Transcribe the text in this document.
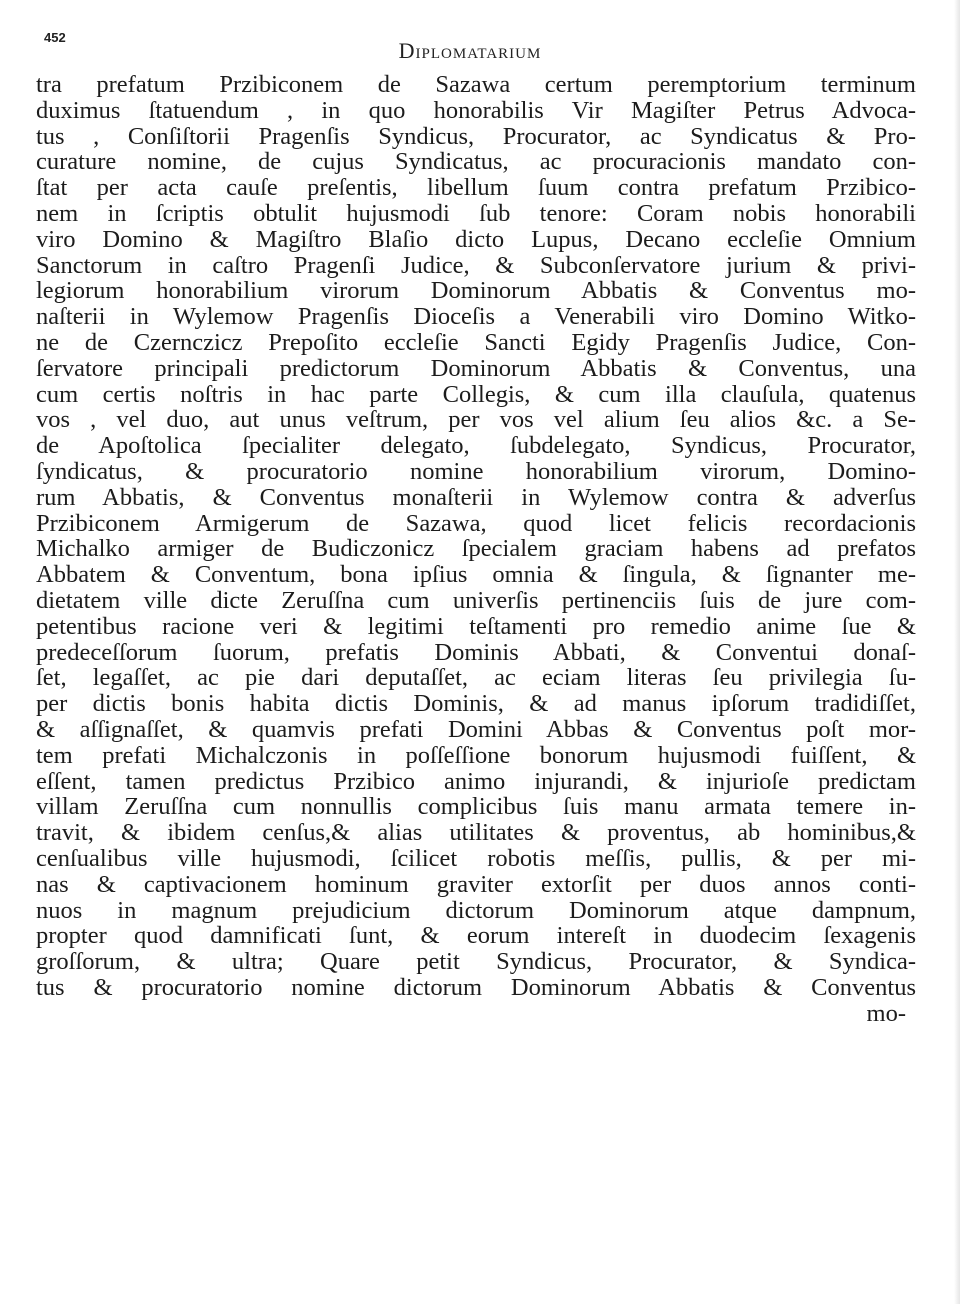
452
Diplomatarium
tra prefatum Przibiconem de Sazawa certum peremptorium terminum
duximus ſtatuendum , in quo honorabilis Vir Magiſter Petrus Advoca-
tus , Conſiſtorii Pragenſis Syndicus, Procurator, ac Syndicatus & Pro-
curature nomine, de cujus Syndicatus, ac procuracionis mandato con-
ſtat per acta cauſe preſentis, libellum ſuum contra prefatum Przibico-
nem in ſcriptis obtulit hujusmodi ſub tenore: Coram nobis honorabili
viro Domino & Magiſtro Blaſio dicto Lupus, Decano eccleſie Omnium
Sanctorum in caſtro Pragenſi Judice, & Subconſervatore jurium & privi-
legiorum honorabilium virorum Dominorum Abbatis & Conventus mo-
naſterii in Wylemow Pragenſis Dioceſis a Venerabili viro Domino Witko-
ne de Czernczicz Prepoſito eccleſie Sancti Egidy Pragenſis Judice, Con-
ſervatore principali predictorum Dominorum Abbatis & Conventus, una
cum certis noſtris in hac parte Collegis, & cum illa clauſula, quatenus
vos , vel duo, aut unus veſtrum, per vos vel alium ſeu alios &c. a Se-
de Apoſtolica ſpecialiter delegato, ſubdelegato, Syndicus, Procurator,
ſyndicatus, & procuratorio nomine honorabilium virorum, Domino-
rum Abbatis, & Conventus monaſterii in Wylemow contra & adverſus
Przibiconem Armigerum de Sazawa, quod licet felicis recordacionis
Michalko armiger de Budiczonicz ſpecialem graciam habens ad prefatos
Abbatem & Conventum, bona ipſius omnia & ſingula, & ſignanter me-
dietatem ville dicte Zeruſſna cum univerſis pertinenciis ſuis de jure com-
petentibus racione veri & legitimi teſtamenti pro remedio anime ſue &
predeceſſorum ſuorum, prefatis Dominis Abbati, & Conventui donaſ-
ſet, legaſſet, ac pie dari deputaſſet, ac eciam literas ſeu privilegia ſu-
per dictis bonis habita dictis Dominis, & ad manus ipſorum tradidiſſet,
& aſſignaſſet, & quamvis prefati Domini Abbas & Conventus poſt mor-
tem prefati Michalczonis in poſſeſſione bonorum hujusmodi fuiſſent, &
eſſent, tamen predictus Przibico animo injurandi, & injurioſe predictam
villam Zeruſſna cum nonnullis complicibus ſuis manu armata temere in-
travit, & ibidem cenſus,& alias utilitates & proventus, ab hominibus,&
cenſualibus ville hujusmodi, ſcilicet robotis meſſis, pullis, & per mi-
nas & captivacionem hominum graviter extorſit per duos annos conti-
nuos in magnum prejudicium dictorum Dominorum atque dampnum,
propter quod damnificati ſunt, & eorum intereſt in duodecim ſexagenis
groſſorum, & ultra; Quare petit Syndicus, Procurator, & Syndica-
tus & procuratorio nomine dictorum Dominorum Abbatis & Conventus
mo-
